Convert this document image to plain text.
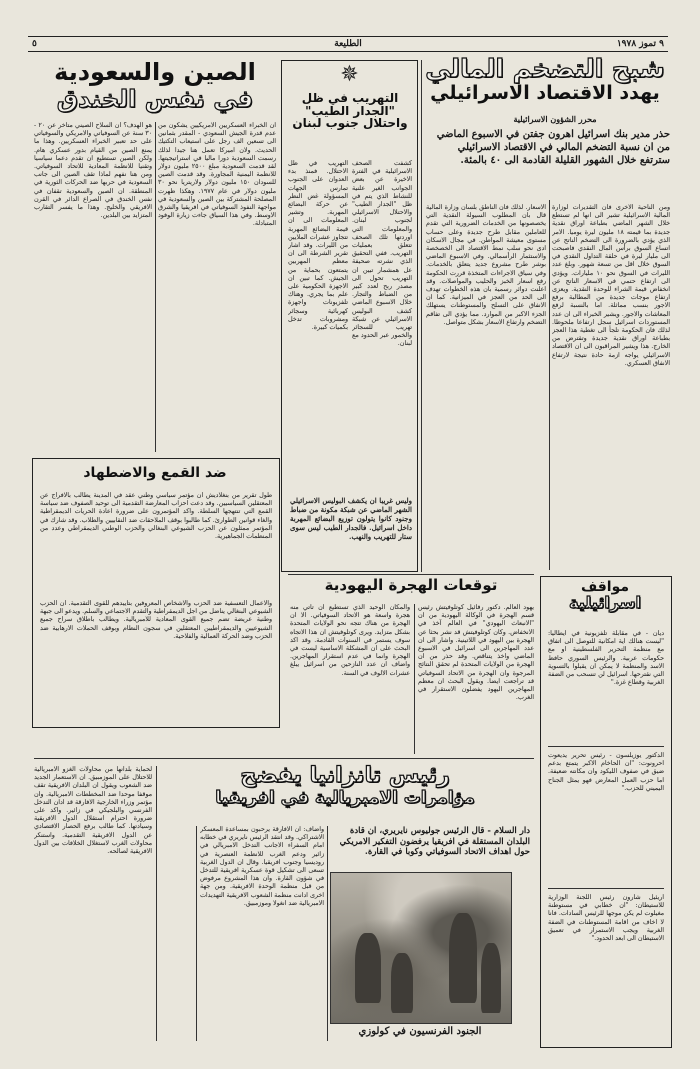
٩ تموز ١٩٧٨
الطليعة
٥
شبح التضخم المالي
يهدد الاقتصاد الاسرائيلي
محرر الشؤون الاسرائيلية
حذر مدير بنك اسرائيل اهرون جفتن في الاسبوع الماضي من ان نسبة التضخم المالي في الاقتصاد الاسرائيلي سترتفع خلال الشهور القليلة القادمة الى ٤٠ بالمئة.
ومن الناحية الاخرى فان التقديرات لوزارة المالية الاسرائيلية تشير الى انها لم تستطع خلال الشهر الماضي بطباعة اوراق نقدية جديدة بما قيمته ١٨ مليون ليرة يوميا. الامر الذي يؤدي بالضرورة الى التضخم الناتج عن اتساع السوق برأس المال النقدي فاصبحت الى مليار ليرة في حلقة التداول النقدي في السوق خلال اقل من تسعة شهور. وبلغ عدد الليرات في السوق نحو ١٠ مليارات. ويؤدي الى ارتفاع حتمي في الاسعار الناتج عن انخفاض قيمة الشراء للوحدة النقدية. ويعزى ارتفاع موجات جديدة من المطالبة برفع الاجور بنسب مماثلة. اما بالنسبة لرفع المعاشات والاجور. ويشير الخبراء الى ان عدد المستوردات اسرائيل سجل ارتفاعا ملحوظا. لذلك فان الحكومة تلجأ الى تغطية هذا العجز بطباعة اوراق نقدية جديدة وتقترض من الخارج. هذا ويشير المراقبون الى ان الاقتصاد الاسرائيلي يواجه ازمة حادة نتيجة لارتفاع الانفاق العسكري.
الاسعار. لذلك فان الناطق بلسان وزارة المالية قال بان المطلوب السيولة النقدية التي يخصصونها من الخدمات الضرورية التي تقدم للعاملين مقابل طرح جديدة وعلى حساب مستوى معيشة المواطن. في مجال الاسكان ادى نحو سلب نمط الاقتصاد الى الخصخصة والاستثمار الرأسمالي. وفي الاسبوع الماضي بوشر طرح مشروع جديد يتعلق بالخدمات. وفي سياق الاجراءات المتخذة قررت الحكومة رفع اسعار الخبز والحليب والمواصلات. وقد اعلنت دوائر رسمية بان هذه الخطوات تهدف الى الحد من العجز في الميزانية. كما ان الانفاق على التسلح والمستوطنات يستهلك الجزء الاكبر من الموارد. مما يؤدي الى تفاقم التضخم وارتفاع الاسعار بشكل متواصل.
✵
التهريب في ظل
"الجدار الطيب"
واحتلال جنوب لبنان
كشفت الصحف الاسرائيلية في الفترة الاخيرة عن بعض الجوانب الغير علنية للنشاط الذي يتم في ظل "الجدار الطيب" والاحتلال الاسرائيلي لجنوب لبنان. والمعلومات التي اوردتها تلك الصحف تتعلق بعمليات التهريب. ففي التحقيق الذي نشرته صحيفة عل همشمار تبين ان التهريب تحول الى مصدر ربح لعدد كبير من الضباط والتجار. خلال الاسبوع الماضي كشف البوليس الاسرائيلي عن شبكة تهريب للسجائر والخمور عبر الحدود مع لبنان.
التهريب في ظل الاحتلال. فمنذ بدء العدوان على الجنوب تمارس الجهات المسؤولة غض النظر عن حركة البضائع المهربة. وتشير المعلومات الى ان قيمة البضائع المهربة تتجاوز عشرات الملايين من الليرات. وقد اشار تقرير الشرطة الى ان معظم المهربين يتمتعون بحماية من الجيش. كما تبين ان الاجهزة الحكومية على علم بما يجري. وهناك تلفزيونات واجهزة كهربائية وسجائر ومشروبات تدخل بكميات كبيرة.
وليس غريبا ان يكشف البوليس الاسرائيلي الشهر الماضي عن شبكة مكونة من ضباط وجنود كانوا يتولون توزيع البضائع المهربة داخل اسرائيل. فالجدار الطيب ليس سوى ستار للتهريب والنهب.
الصين والسعودية
في نفس الخندق
ان الخبراء العسكريين الامريكيين يشكون من عدم قدرة الجيش السعودي - المقدر بثمانين الى تسعين الف رجل على استيعاب التكتيك الحديث. ولان اميركا تعمل هنا جيدا لذلك رسمت السعودية دورا ماليا في استراتيجيتها. لقد قدمت السعودية مبلغ ٢٥٠٠ مليون دولار للانظمة اليمنية المجاورة. وقد قدمت الصين للسودان ١٥٠ مليون دولار ولاريتريا نحو ٣٠ مليون دولار في عام ١٩٧٧. وهكذا ظهرت المصلحة المشتركة بين الصين والسعودية في مواجهة النفوذ السوفياتي في افريقيا والشرق الاوسط. وفي هذا السياق جاءت زيارة الوفود المتبادلة.
هو الهدف؟ ان السلاح الصيني متاخر عن ٢٠ - ٣٠ سنة عن السوفياتي والامريكي والسوفياتي على حد تعبير الخبراء العسكريين. وهذا ما يمنع الصين من القيام بدور عسكري هام. ولكن الصين تستطيع ان تقدم دعما سياسيا وتقنيا للانظمة المعادية للاتحاد السوفياتي. ومن هنا نفهم لماذا تقف الصين الى جانب السعودية في حربها ضد الحركات الثورية في المنطقة. ان الصين والسعودية تقفان في نفس الخندق في الصراع الدائر في القرن الافريقي والخليج. وهذا ما يفسر التقارب المتزايد بين البلدين.
ضد القمع والاضطهاد
طول تقرير من بنغلاديش ان مؤتمر سياسي وطني عقد في المدينة يطالب بالافراج عن المعتقلين السياسيين. وقد دعت احزاب المعارضة التقدمية الى توحيد الصفوف ضد سياسة القمع التي تنتهجها السلطة. واكد المؤتمرون على ضرورة اعادة الحريات الديمقراطية والغاء قوانين الطوارئ. كما طالبوا بوقف الملاحقات ضد النقابيين والطلاب. وقد شارك في المؤتمر ممثلون عن الحزب الشيوعي البنغالي والحزب الوطني الديمقراطي وعدد من المنظمات الجماهيرية.
والاعمال التعسفية ضد الحزب والاشخاص المعروفين بتأييدهم للقوى التقدمية. ان الحزب الشيوعي البنغالي يناضل من اجل الديمقراطية والتقدم الاجتماعي والسلم. ويدعو الى جبهة وطنية عريضة تضم جميع القوى المعادية للامبريالية. ويطالب باطلاق سراح جميع الشيوعيين والديمقراطيين المعتقلين في سجون النظام وبوقف الحملات الارهابية ضد الحزب وضد الحركة العمالية والفلاحية.
توقعات الهجرة اليهودية
يهود العالم. دكتور رفائيل كوتلوفيتش رئيس قسم الهجرة في الوكالة اليهودية من ان "الانبعاث اليهودي" في العالم آخذ في الانخفاض. وكان كوتلوفيتش قد نشر بحثا عن الهجرة بين اليهود في اللاتينية. واشار الى ان عدد المهاجرين الى اسرائيل في الاسبوع الماضي واخذ يتناقص. وقد حذر من ان الهجرة من الولايات المتحدة لم تحقق النتائج المرجوة وان الهجرة من الاتحاد السوفياتي قد تراجعت ايضا. ويقول البحث ان معظم المهاجرين اليهود يفضلون الاستقرار في الغرب.
والمكان الوحيد الذي تستطيع ان تأتي منه هجرة واسعة هو الاتحاد السوفياتي. الا ان الهجرة من هناك تتجه نحو الولايات المتحدة بشكل متزايد. ويرى كوتلوفيتش ان هذا الاتجاه سوف يستمر في السنوات القادمة. وقد اكد البحث على ان المشكلة الاساسية ليست في الهجرة وانما في عدم استقرار المهاجرين. واضاف ان عدد النازحين من اسرائيل يبلغ عشرات الالوف في السنة.
مواقف
اسرائيلية
ديان - في مقابلة تلفزيونية في ايطاليا: "ليست هنالك اية امكانية للتوصل الى اتفاق مع منظمة التحرير الفلسطينية او مع حكومات عربية. والرئيس السوري حافظ الاسد والمنظمة لا يمكن ان يقبلوا بالتسوية التي نقترحها. اسرائيل لن تنسحب من الضفة الغربية وقطاع غزة."
الدكتور يوزيلسون - رئيس تحرير يديعوت احرونوت: "ان الحاخام الاكبر يتمتع بدعم ضيق في صفوف الليكود وان مكانته ضعيفة. اما حزب العمل المعارض فهو يمثل الجناح اليميني للحزب."
اريئيل شارون رئيس اللجنة الوزارية للاستيطان: "ان خطابي في مستوطنة مغيلوت لم يكن موجها للرئيس السادات. فانا لا اخاف من اقامة المستوطنات في الضفة الغربية ويجب الاستمرار في تعميق الاستيطان الى ابعد الحدود."
رئيس تانزانيا يفضح
مؤامرات الامبريالية في افريقيا
دار السلام - قال الرئيس جوليوس نايريري، ان قادة البلدان المستقلة في افريقيا يرفضون التفكير الامريكي حول اهداف الاتحاد السوفياتي وكوبا في القارة.
واضاف: ان الافارقة يرحبون بمساعدة المعسكر الاشتراكي. وقد انتقد الرئيس نايريري في خطابه امام السفراء الاجانب التدخل الامبريالي في زائير ودعم الغرب للانظمة العنصرية في روديسيا وجنوب افريقيا. وقال ان الدول الغربية تسعى الى تشكيل قوة عسكرية افريقية للتدخل في شؤون القارة. وان هذا المشروع مرفوض من قبل منظمة الوحدة الافريقية. ومن جهة اخرى ادانت منظمة الشعوب الافريقية التهديدات الامبريالية ضد انغولا وموزمبيق.
لحماية بلدانها من محاولات الغزو الامبريالية للاحتلال على الموزمبيق. ان الاستعمار الجديد ضد الشعوب ويقول ان البلدان الافريقية تقف موقفا موحدا ضد المخططات الامبريالية. وان مؤتمر وزراء الخارجية الافارقة قد ادان التدخل الفرنسي والبلجيكي في زائير. واكد على ضرورة احترام استقلال الدول الافريقية وسيادتها. كما طالب برفع الحصار الاقتصادي عن الدول الافريقية التقدمية. واستنكر محاولات الغرب لاستغلال الخلافات بين الدول الافريقية لصالحه.
الجنود الفرنسيون في كولوزي
